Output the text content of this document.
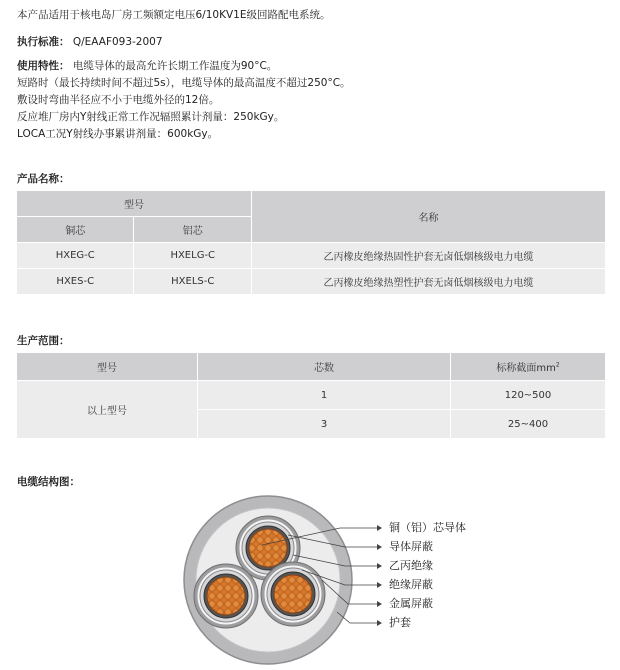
本产品适用于核电岛厂房工频额定电压6/10KV1E级回路配电系统。
执行标准： Q/EAAF093-2007
使用特性： 电缆导体的最高允许长期工作温度为90°C。
短路时（最长持续时间不超过5s），电缆导体的最高温度不超过250°C。
敷设时弯曲半径应不小于电缆外径的12倍。
反应堆厂房内Y射线正常工作况辐照累计剂量：250kGy。
LOCA工况Y射线办事累讲剂量：600kGy。
产品名称：
型号		名称
铜芯	铝芯	
HXEG-C	HXELG-C	乙丙橡皮绝缘热固性护套无卤低烟核级电力电缆
HXES-C	HXELS-C	乙丙橡皮绝缘热塑性护套无卤低烟核级电力电缆
生产范围：
型号	芯数	标称截面$mm^2$
以上型号	1	120~500
	3	25~400
电缆结构图：
铜（铝）芯导体
导体屏蔽
乙丙绝缘
绝缘屏蔽
金属屏蔽
护套
